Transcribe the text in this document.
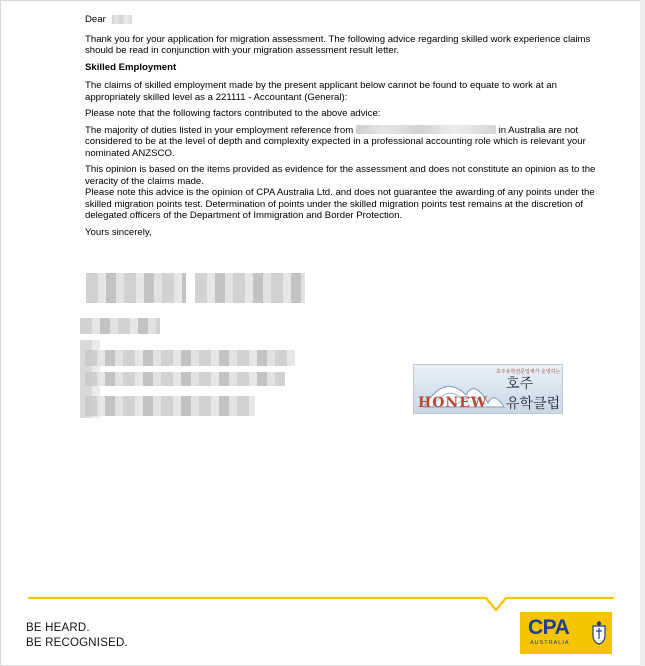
Dear

Thank you for your application for migration assessment. The following advice regarding skilled work experience claims should be read in conjunction with your migration assessment result letter.

Skilled Employment

The claims of skilled employment made by the present applicant below cannot be found to equate to work at an appropriately skilled level as a 221111 - Accountant (General):

Please note that the following factors contributed to the above advice:

The majority of duties listed in your employment reference from	in Australia are not considered to be at the level of depth and complexity expected in a professional accounting role which is relevant your nominated ANZSCO.

This opinion is based on the items provided as evidence for the assessment and does not constitute an opinion as to the veracity of the claims made.

Please note this advice is the opinion of CPA Australia Ltd. and does not guarantee the awarding of any points under the skilled migration points test. Determination of points under the skilled migration points test remains at the discretion of delegated officers of the Department of Immigration and Border Protection.

Yours sincerely,

호주유학전문업체가 운영하는
호주
HONEW 유학클럽
BE HEARD.
BE RECOGNISED.
CPA
AUSTRALIA
